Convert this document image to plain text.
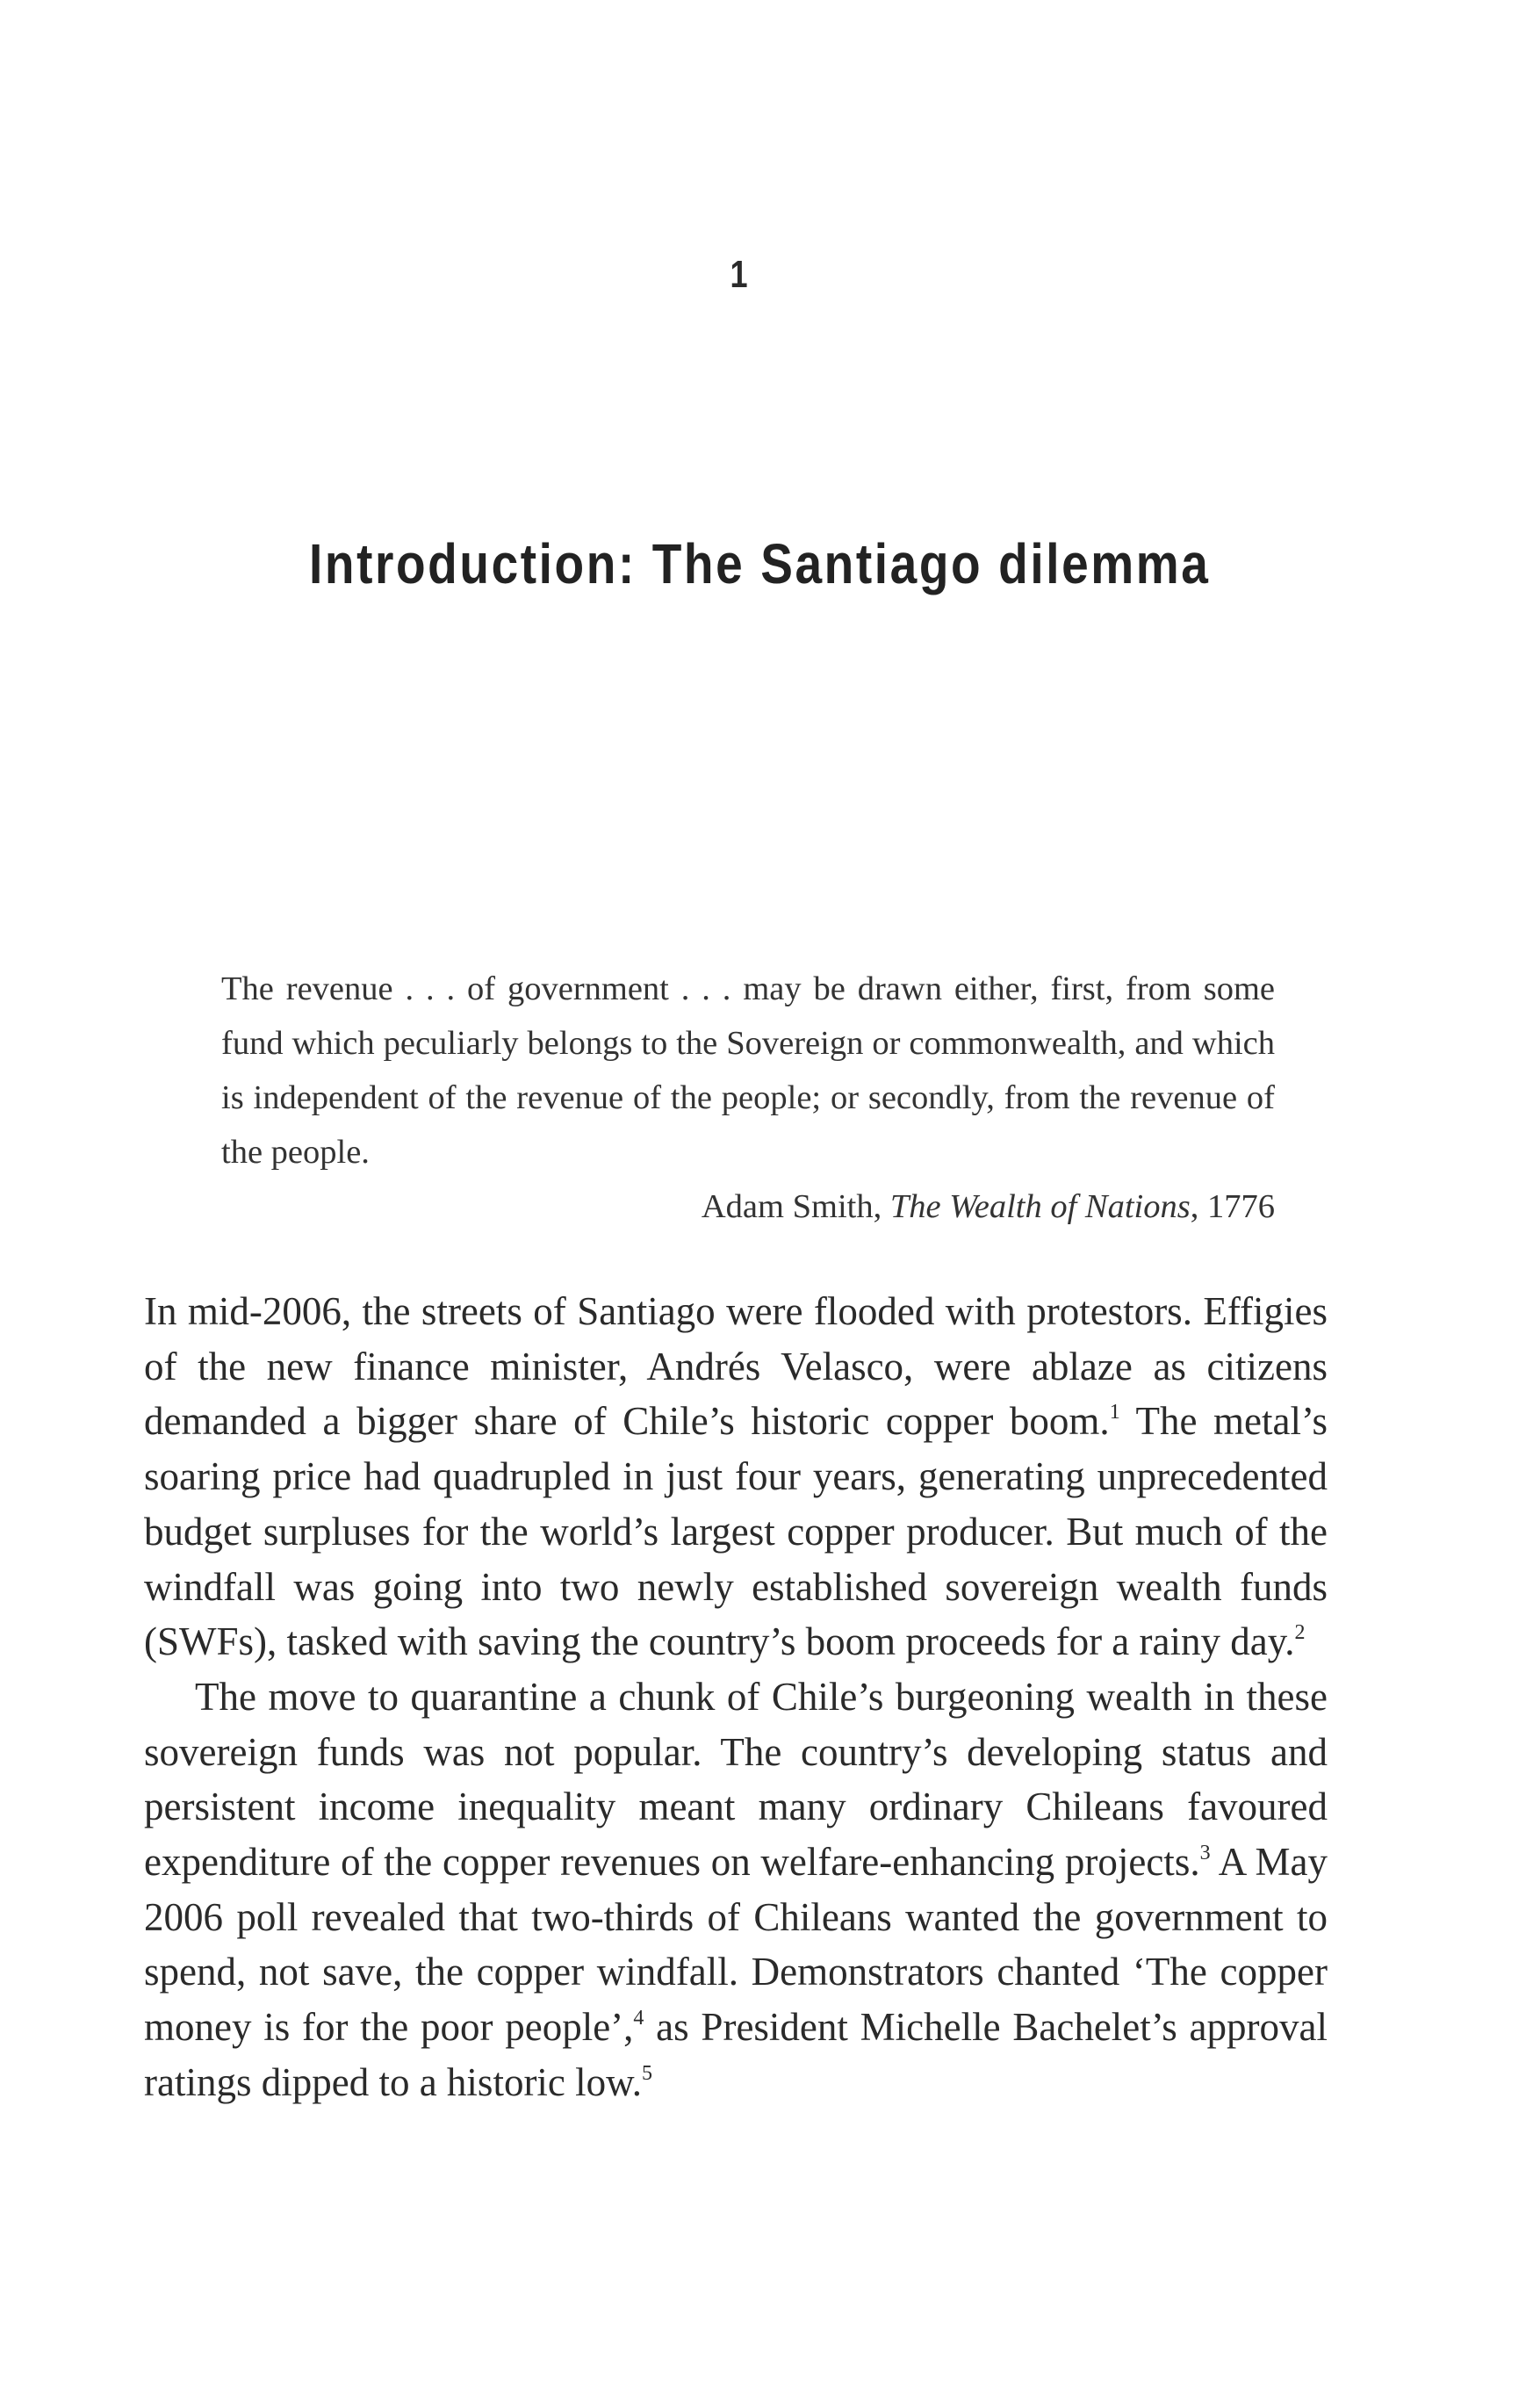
1
Introduction: The Santiago dilemma

The revenue . . . of government . . . may be drawn either, first, from some fund which peculiarly belongs to the Sovereign or commonwealth, and which is independent of the revenue of the people; or secondly, from the revenue of the people.

Adam Smith, The Wealth of Nations, 1776

In mid-2006, the streets of Santiago were flooded with protestors. Effigies of the new finance minister, Andrés Velasco, were ablaze as citizens demanded a bigger share of Chile’s historic copper boom.$^1$ The metal’s soaring price had quadrupled in just four years, generating unprecedented budget surpluses for the world’s largest copper producer. But much of the windfall was going into two newly established sovereign wealth funds (SWFs), tasked with saving the country’s boom proceeds for a rainy day.$^2$

The move to quarantine a chunk of Chile’s burgeoning wealth in these sovereign funds was not popular. The country’s developing status and persistent income inequality meant many ordinary Chileans favoured expenditure of the copper revenues on welfare-enhancing projects.$^3$ A May 2006 poll revealed that two-thirds of Chileans wanted the government to spend, not save, the copper windfall. Demonstrators chanted ‘The copper money is for the poor people’,$^4$ as President Michelle Bachelet’s approval ratings dipped to a historic low.$^5$
